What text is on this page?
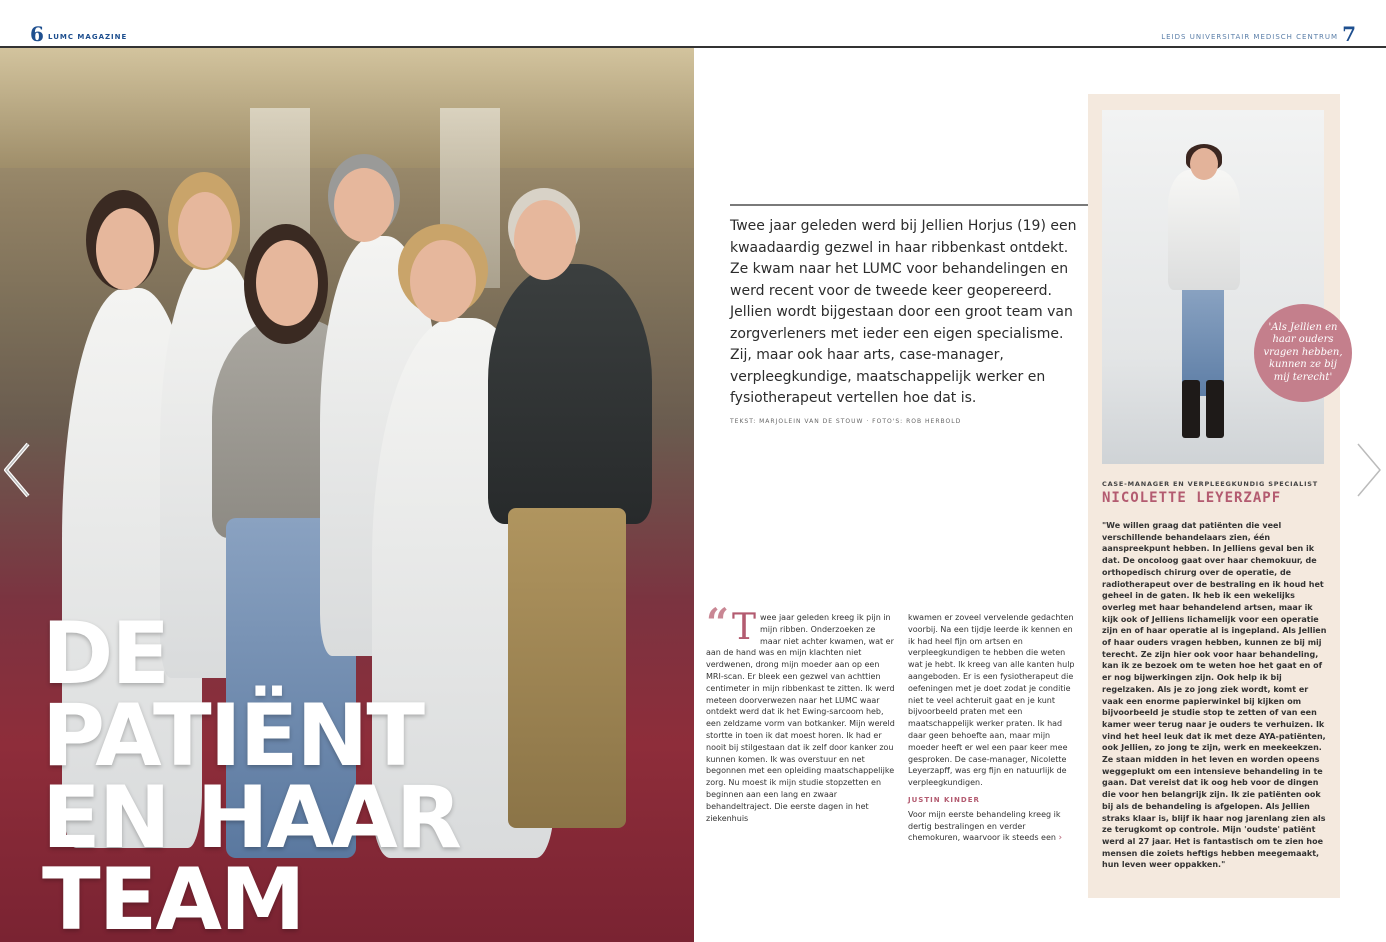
6 LUMC MAGAZINE	LEIDS UNIVERSITAIR MEDISCH CENTRUM 7
DE
PATIËNT
EN HAAR
TEAM

Twee jaar geleden werd bij Jellien Horjus (19) een kwaadaardig gezwel in haar ribbenkast ontdekt. Ze kwam naar het LUMC voor behandelingen en werd recent voor de tweede keer geopereerd. Jellien wordt bijgestaan door een groot team van zorgverleners met ieder een eigen specialisme. Zij, maar ook haar arts, case-manager, verpleegkundige, maatschappelijk werker en fysiotherapeut vertellen hoe dat is.

TEKST: MARJOLEIN VAN DE STOUW · FOTO'S: ROB HERBOLD
“ T wee jaar geleden kreeg ik pijn in mijn ribben. Onderzoeken ze maar niet achter kwamen, wat er aan de hand was en mijn klachten niet verdwenen, drong mijn moeder aan op een MRI-scan. Er bleek een gezwel van achttien centimeter in mijn ribbenkast te zitten. Ik werd meteen doorverwezen naar het LUMC waar ontdekt werd dat ik het Ewing-sarcoom heb, een zeldzame vorm van botkanker. Mijn wereld stortte in toen ik dat moest horen. Ik had er nooit bij stilgestaan dat ik zelf door kanker zou kunnen komen. Ik was overstuur en net begonnen met een opleiding maatschappelijke zorg. Nu moest ik mijn studie stopzetten en beginnen aan een lang en zwaar behandeltraject. Die eerste dagen in het ziekenhuis

kwamen er zoveel vervelende gedachten voorbij. Na een tijdje leerde ik kennen en ik had heel fijn om artsen en verpleegkundigen te hebben die weten wat je hebt. Ik kreeg van alle kanten hulp aangeboden. Er is een fysiotherapeut die oefeningen met je doet zodat je conditie niet te veel achteruit gaat en je kunt bijvoorbeeld praten met een maatschappelijk werker praten. Ik had daar geen behoefte aan, maar mijn moeder heeft er wel een paar keer mee gesproken. De case-manager, Nicolette Leyerzapff, was erg fijn en natuurlijk de verpleegkundigen.

JUSTIN KINDER

Voor mijn eerste behandeling kreeg ik dertig bestralingen en verder chemokuren, waarvoor ik steeds een ›

'Als Jellien en haar ouders vragen hebben, kunnen ze bij mij terecht'
CASE-MANAGER EN VERPLEEGKUNDIG SPECIALIST
NICOLETTE LEYERZAPF

"We willen graag dat patiënten die veel verschillende behandelaars zien, één aanspreekpunt hebben. In Jelliens geval ben ik dat. De oncoloog gaat over haar chemokuur, de orthopedisch chirurg over de operatie, de radiotherapeut over de bestraling en ik houd het geheel in de gaten. Ik heb ik een wekelijks overleg met haar behandelend artsen, maar ik kijk ook of Jelliens lichamelijk voor een operatie zijn en of haar operatie al is ingepland. Als Jellien of haar ouders vragen hebben, kunnen ze bij mij terecht. Ze zijn hier ook voor haar behandeling, kan ik ze bezoek om te weten hoe het gaat en of er nog bijwerkingen zijn. Ook help ik bij regelzaken. Als je zo jong ziek wordt, komt er vaak een enorme papierwinkel bij kijken om bijvoorbeeld je studie stop te zetten of van een kamer weer terug naar je ouders te verhuizen. Ik vind het heel leuk dat ik met deze AYA-patiënten, ook Jellien, zo jong te zijn, werk en meekeekzen. Ze staan midden in het leven en worden opeens weggeplukt om een intensieve behandeling in te gaan. Dat vereist dat ik oog heb voor de dingen die voor hen belangrijk zijn. Ik zie patiënten ook bij als de behandeling is afgelopen. Als Jellien straks klaar is, blijf ik haar nog jarenlang zien als ze terugkomt op controle. Mijn 'oudste' patiënt werd al 27 jaar. Het is fantastisch om te zien hoe mensen die zoiets heftigs hebben meegemaakt, hun leven weer oppakken."
